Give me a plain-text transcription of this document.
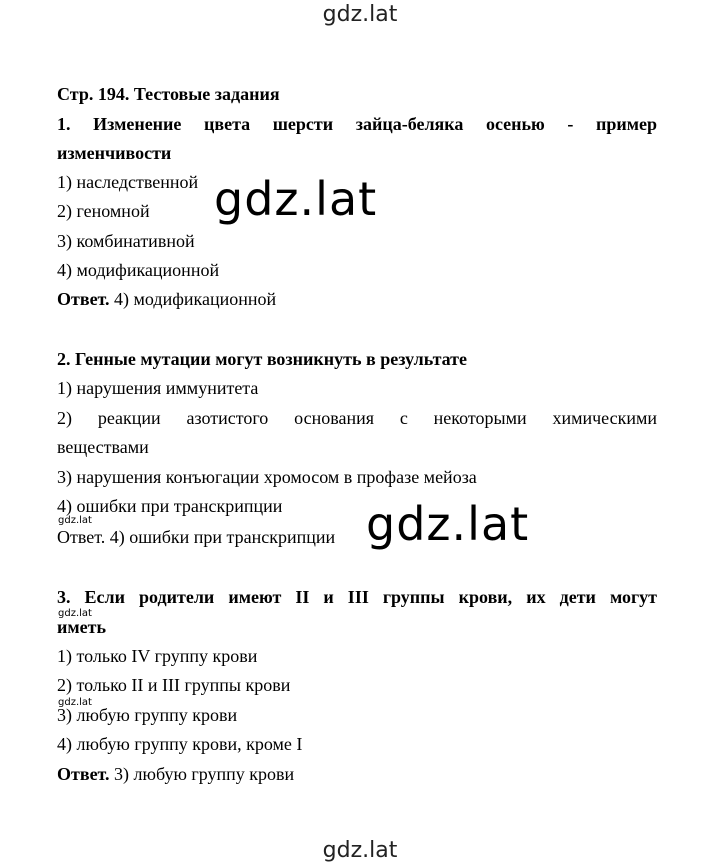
gdz.lat
Стр. 194. Тестовые задания
1. Изменение цвета шерсти зайца-беляка осенью - пример
изменчивости
1) наследственной
2) геномной
3) комбинативной
4) модификационной
Ответ. 4) модификационной
2. Генные мутации могут возникнуть в результате
1) нарушения иммунитета
2) реакции азотистого основания с некоторыми химическими
веществами
3) нарушения конъюгации хромосом в профазе мейоза
4) ошибки при транскрипции
Ответ. 4) ошибки при транскрипции
3. Если родители имеют II и III группы крови, их дети могут
иметь
1) только IV группу крови
2) только II и III группы крови
3) любую группу крови
4) любую группу крови, кроме I
Ответ. 3) любую группу крови
gdz.lat
gdz.lat
gdz.lat
gdz.lat
gdz.lat
gdz.lat
